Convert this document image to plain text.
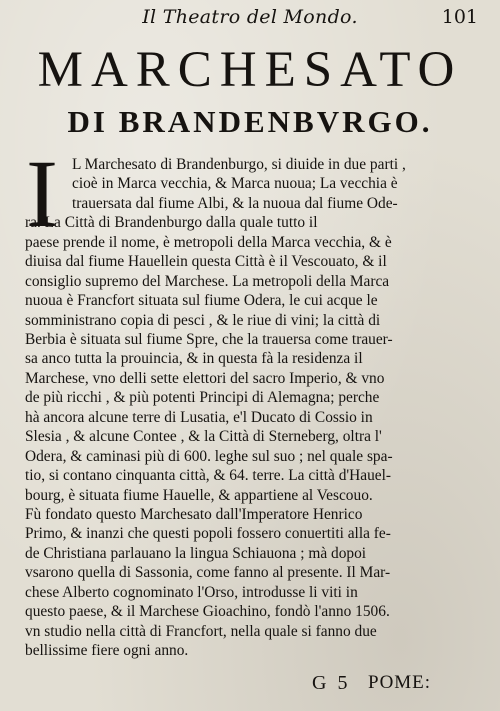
Il Theatro del Mondo.	101
MARCHESATO
DI BRANDENBVRGO.
I L Marchesato di Brandenburgo, si diuide in due parti ,
cioè in Marca vecchia, & Marca nuoua; La vecchia è
trauersata dal fiume Albi, & la nuoua dal fiume Ode-
ra. La Città di Brandenburgo dalla quale tutto il
paese prende il nome, è metropoli della Marca vecchia, & è
diuisa dal fiume Hauellein questa Città è il Vescouato, & il
consiglio supremo del Marchese. La metropoli della Marca
nuoua è Francfort situata sul fiume Odera, le cui acque le
somministrano copia di pesci , & le riue di vini; la città di
Berbia è situata sul fiume Spre, che la trauersa come trauer-
sa anco tutta la prouincia, & in questa fà la residenza il
Marchese, vno delli sette elettori del sacro Imperio, & vno
de più ricchi , & più potenti Principi di Alemagna; perche
hà ancora alcune terre di Lusatia, e'l Ducato di Cossio in
Slesia , & alcune Contee , & la Città di Sterneberg, oltra l'
Odera, & caminasi più di 600. leghe sul suo ; nel quale spa-
tio, si contano cinquanta città, & 64. terre. La città d'Hauel-
bourg, è situata fiume Hauelle, & appartiene al Vescouo.
Fù fondato questo Marchesato dall'Imperatore Henrico
Primo, & inanzi che questi popoli fossero conuertiti alla fe-
de Christiana parlauano la lingua Schiauona ; mà dopoi
vsarono quella di Sassonia, come fanno al presente. Il Mar-
chese Alberto cognominato l'Orso, introdusse li viti in
questo paese, & il Marchese Gioachino, fondò l'anno 1506.
vn studio nella città di Francfort, nella quale si fanno due
bellissime fiere ogni anno.
G 5 POME:
